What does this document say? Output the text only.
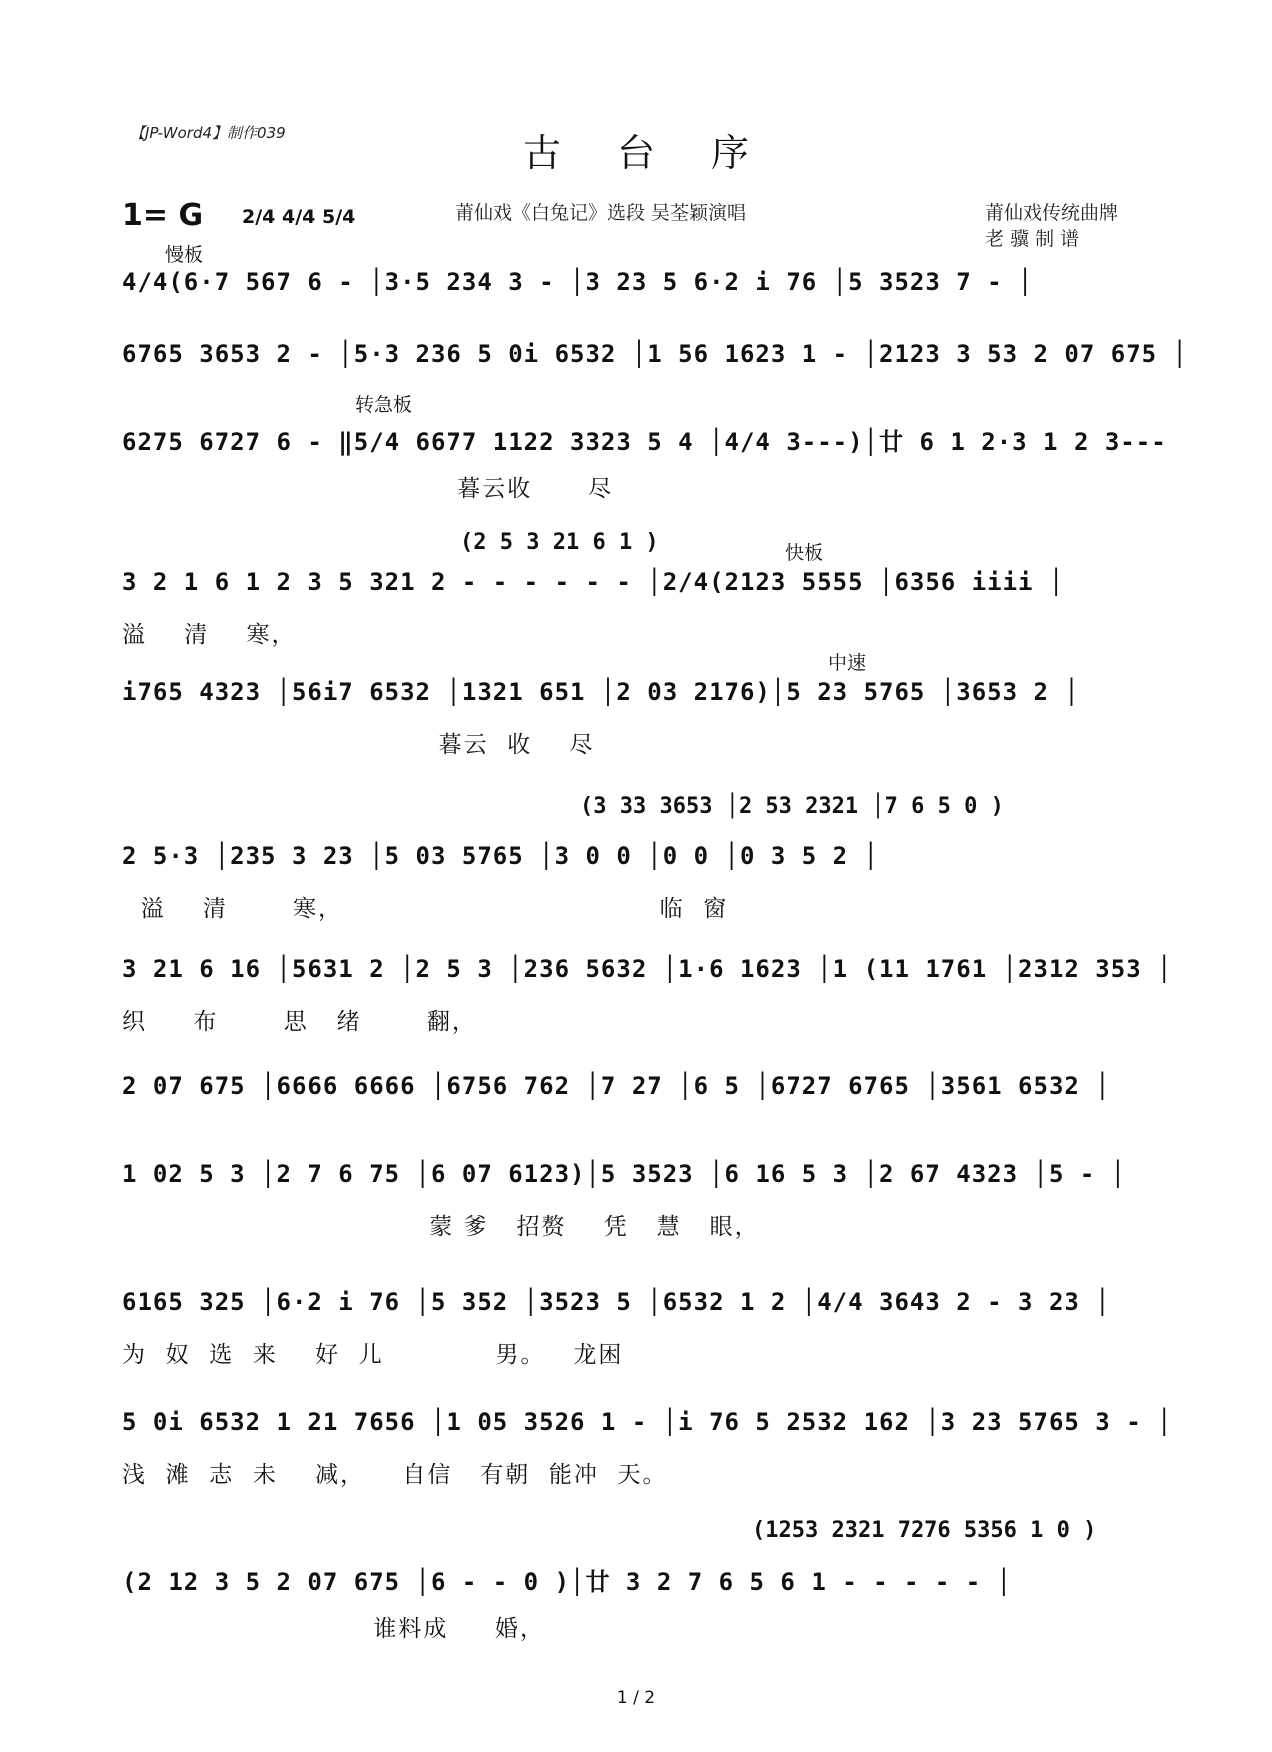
【JP-Word4】制作039	古台序
1= G 2/4 4/4 5/4	莆仙戏《白兔记》选段 吴荃颖演唱	莆仙戏传统曲牌
老 骥 制 谱
慢板
4/4(6·7 567 6 - │3·5 234 3 - │3 23 5 6·2 i 76 │5 3523 7 - │
6765 3653 2 - │5·3 236 5 0i 6532 │1 56 1623 1 - │2123 3 53 2 07 675 │
转急板
6275 6727 6 - ‖5/4 6677 1122 3323 5 4 │4/4 3---)│廿 6 1 2·3 1 2 3---
暮云收      尽
(2 5 3 21 6 1 )	快板
3 2 1 6 1 2 3 5 321 2 - - - - - - │2/4(2123 5555 │6356 iiii │
溢    清    寒，
中速
i765 4323 │56i7 6532 │1321 651 │2 03 2176)│5 23 5765 │3653 2 │
暮云  收    尽
(3 33 3653 │2 53 2321 │7 6 5 0 )
2 5·3 │235 3 23 │5 03 5765 │3 0 0 │0 0 │0 3 5 2 │
溢    清       寒，                                  临  窗
3 21 6 16 │5631 2 │2 5 3 │236 5632 │1·6 1623 │1 (11 1761 │2312 353 │
织     布       思   绪       翻，
2 07 675 │6666 6666 │6756 762 │7 27 │6 5 │6727 6765 │3561 6532 │
1 02 5 3 │2 7 6 75 │6 07 6123)│5 3523 │6 16 5 3 │2 67 4323 │5 - │
蒙 爹   招赘    凭   慧   眼，
6165 325 │6·2 i 76 │5 352 │3523 5 │6532 1 2 │4/4 3643 2 - 3 23 │
为  奴  选  来    好  儿            男。   龙困
5 0i 6532 1 21 7656 │1 05 3526 1 - │i 76 5 2532 162 │3 23 5765 3 - │
浅  滩  志  未    减，    自信   有朝  能冲  天。
(1253 2321 7276 5356 1 0 )
(2 12 3 5 2 07 675 │6 - - 0 )│廿 3 2 7 6 5 6 1 - - - - - │
谁料成     婚，
1 / 2
